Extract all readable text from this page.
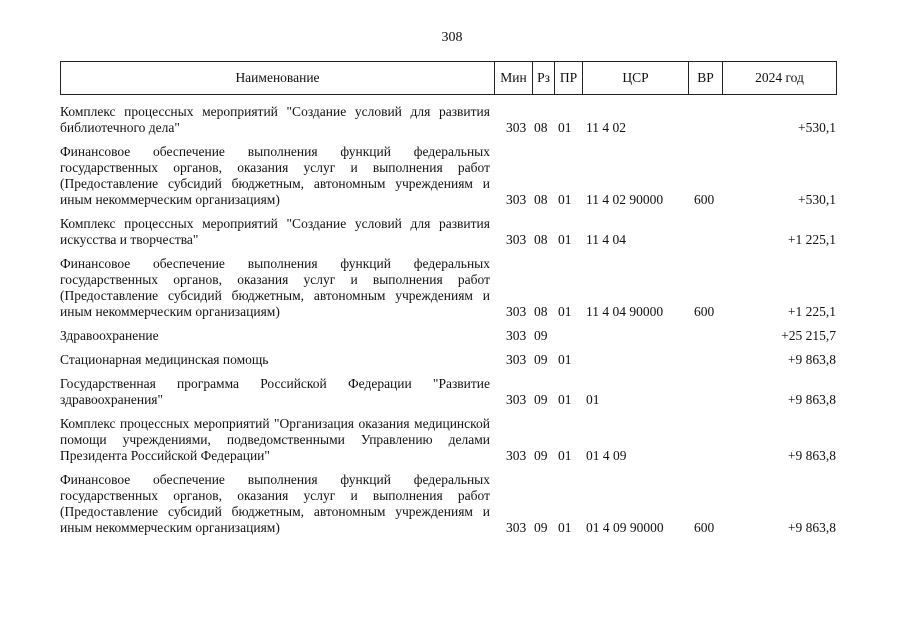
308
Наименование	Мин	Рз	ПР	ЦСР	ВР	2024 год
Комплекс процессных мероприятий "Создание условий для развития библиотечного дела"	303	08	01	11 4 02		+530,1
Финансовое обеспечение выполнения функций федеральных государственных органов, оказания услуг и выполнения работ (Предоставление субсидий бюджетным, автономным учреждениям и иным некоммерческим организациям)	303	08	01	11 4 02 90000	600	+530,1
Комплекс процессных мероприятий "Создание условий для развития искусства и творчества"	303	08	01	11 4 04		+1 225,1
Финансовое обеспечение выполнения функций федеральных государственных органов, оказания услуг и выполнения работ (Предоставление субсидий бюджетным, автономным учреждениям и иным некоммерческим организациям)	303	08	01	11 4 04 90000	600	+1 225,1
Здравоохранение	303	09				+25 215,7
Стационарная медицинская помощь	303	09	01			+9 863,8
Государственная программа Российской Федерации "Развитие здравоохранения"	303	09	01	01		+9 863,8
Комплекс процессных мероприятий "Организация оказания медицинской помощи учреждениями, подведомственными Управлению делами Президента Российской Федерации"	303	09	01	01 4 09		+9 863,8
Финансовое обеспечение выполнения функций федеральных государственных органов, оказания услуг и выполнения работ (Предоставление субсидий бюджетным, автономным учреждениям и иным некоммерческим организациям)	303	09	01	01 4 09 90000	600	+9 863,8
